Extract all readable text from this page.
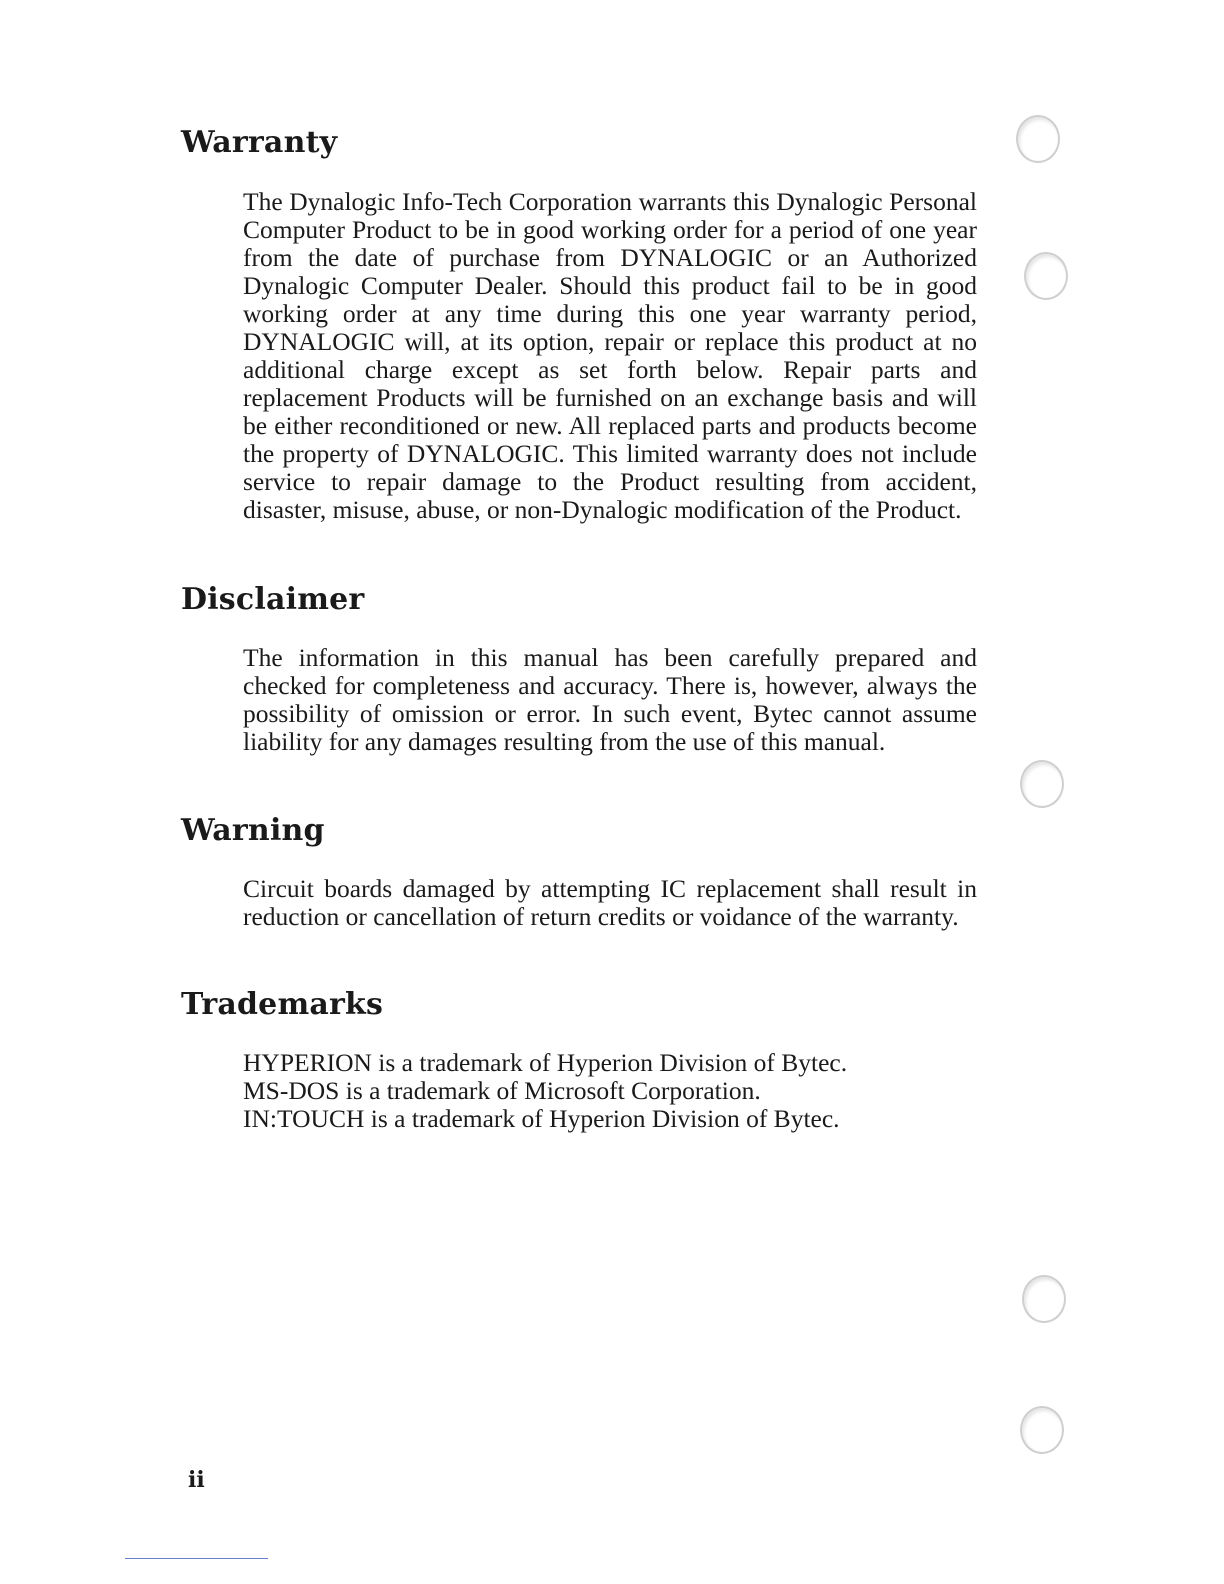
Warranty

The Dynalogic Info-Tech Corporation warrants this Dynalogic Personal Computer Product to be in good working order for a period of one year from the date of purchase from DYNALOGIC or an Authorized Dynalogic Computer Dealer. Should this product fail to be in good working order at any time during this one year warranty period, DYNALOGIC will, at its option, repair or replace this product at no additional charge except as set forth below. Repair parts and replacement Products will be furnished on an exchange basis and will be either reconditioned or new. All replaced parts and products become the property of DYNALOGIC. This limited warranty does not include service to repair damage to the Product resulting from accident, disaster, misuse, abuse, or non-Dynalogic modification of the Product.

Disclaimer

The information in this manual has been carefully prepared and checked for completeness and accuracy. There is, however, always the possibility of omission or error. In such event, Bytec cannot assume liability for any damages resulting from the use of this manual.

Warning

Circuit boards damaged by attempting IC replacement shall result in reduction or cancellation of return credits or voidance of the warranty.

Trademarks
HYPERION is a trademark of Hyperion Division of Bytec.
MS-DOS is a trademark of Microsoft Corporation.
IN:TOUCH is a trademark of Hyperion Division of Bytec.
ii
